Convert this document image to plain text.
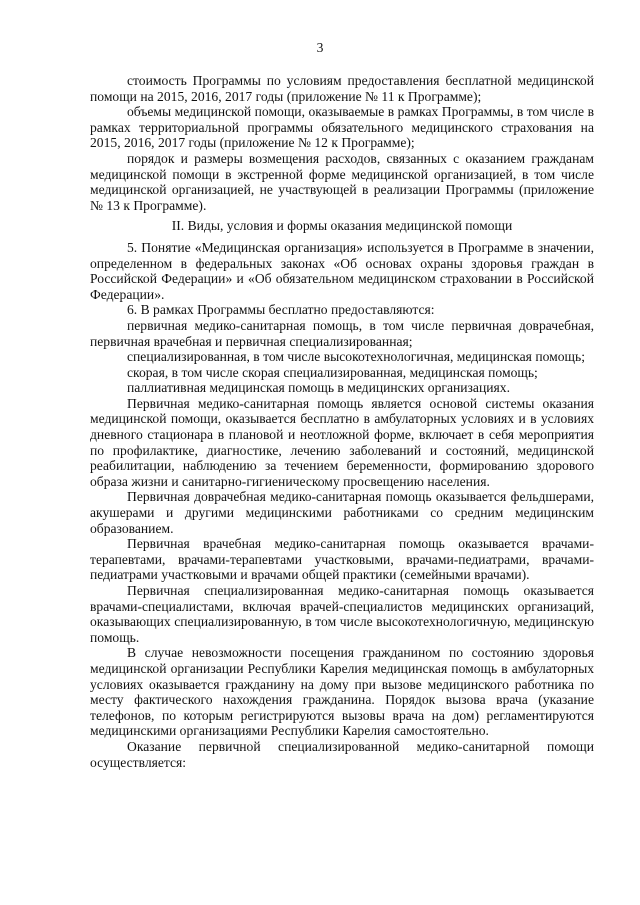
3

стоимость Программы по условиям предоставления бесплатной медицинской помощи на 2015, 2016, 2017 годы (приложение № 11 к Программе);

объемы медицинской помощи, оказываемые в рамках Программы, в том числе в рамках территориальной программы обязательного медицинского страхования на 2015, 2016, 2017 годы (приложение № 12 к Программе);

порядок и размеры возмещения расходов, связанных с оказанием гражданам медицинской помощи в экстренной форме медицинской организацией, в том числе медицинской организацией, не участвующей в реализации Программы (приложение № 13 к Программе).

II. Виды, условия и формы оказания медицинской помощи

5. Понятие «Медицинская организация» используется в Программе в значении, определенном в федеральных законах «Об основах охраны здоровья граждан в Российской Федерации» и «Об обязательном медицинском страховании в Российской Федерации».

6. В рамках Программы бесплатно предоставляются:

первичная медико-санитарная помощь, в том числе первичная доврачебная, первичная врачебная и первичная специализированная;

специализированная, в том числе высокотехнологичная, медицинская помощь;

скорая, в том числе скорая специализированная, медицинская помощь;

паллиативная медицинская помощь в медицинских организациях.

Первичная медико-санитарная помощь является основой системы оказания медицинской помощи, оказывается бесплатно в амбулаторных условиях и в условиях дневного стационара в плановой и неотложной форме, включает в себя мероприятия по профилактике, диагностике, лечению заболеваний и состояний, медицинской реабилитации, наблюдению за течением беременности, формированию здорового образа жизни и санитарно-гигиеническому просвещению населения.

Первичная доврачебная медико-санитарная помощь оказывается фельдшерами, акушерами и другими медицинскими работниками со средним медицинским образованием.

Первичная врачебная медико-санитарная помощь оказывается врачами-терапевтами, врачами-терапевтами участковыми, врачами-педиатрами, врачами-педиатрами участковыми и врачами общей практики (семейными врачами).

Первичная специализированная медико-санитарная помощь оказывается врачами-специалистами, включая врачей-специалистов медицинских организаций, оказывающих специализированную, в том числе высокотехнологичную, медицинскую помощь.

В случае невозможности посещения гражданином по состоянию здоровья медицинской организации Республики Карелия медицинская помощь в амбулаторных условиях оказывается гражданину на дому при вызове медицинского работника по месту фактического нахождения гражданина. Порядок вызова врача (указание телефонов, по которым регистрируются вызовы врача на дом) регламентируются медицинскими организациями Республики Карелия самостоятельно.

Оказание первичной специализированной медико-санитарной помощи осуществляется:
